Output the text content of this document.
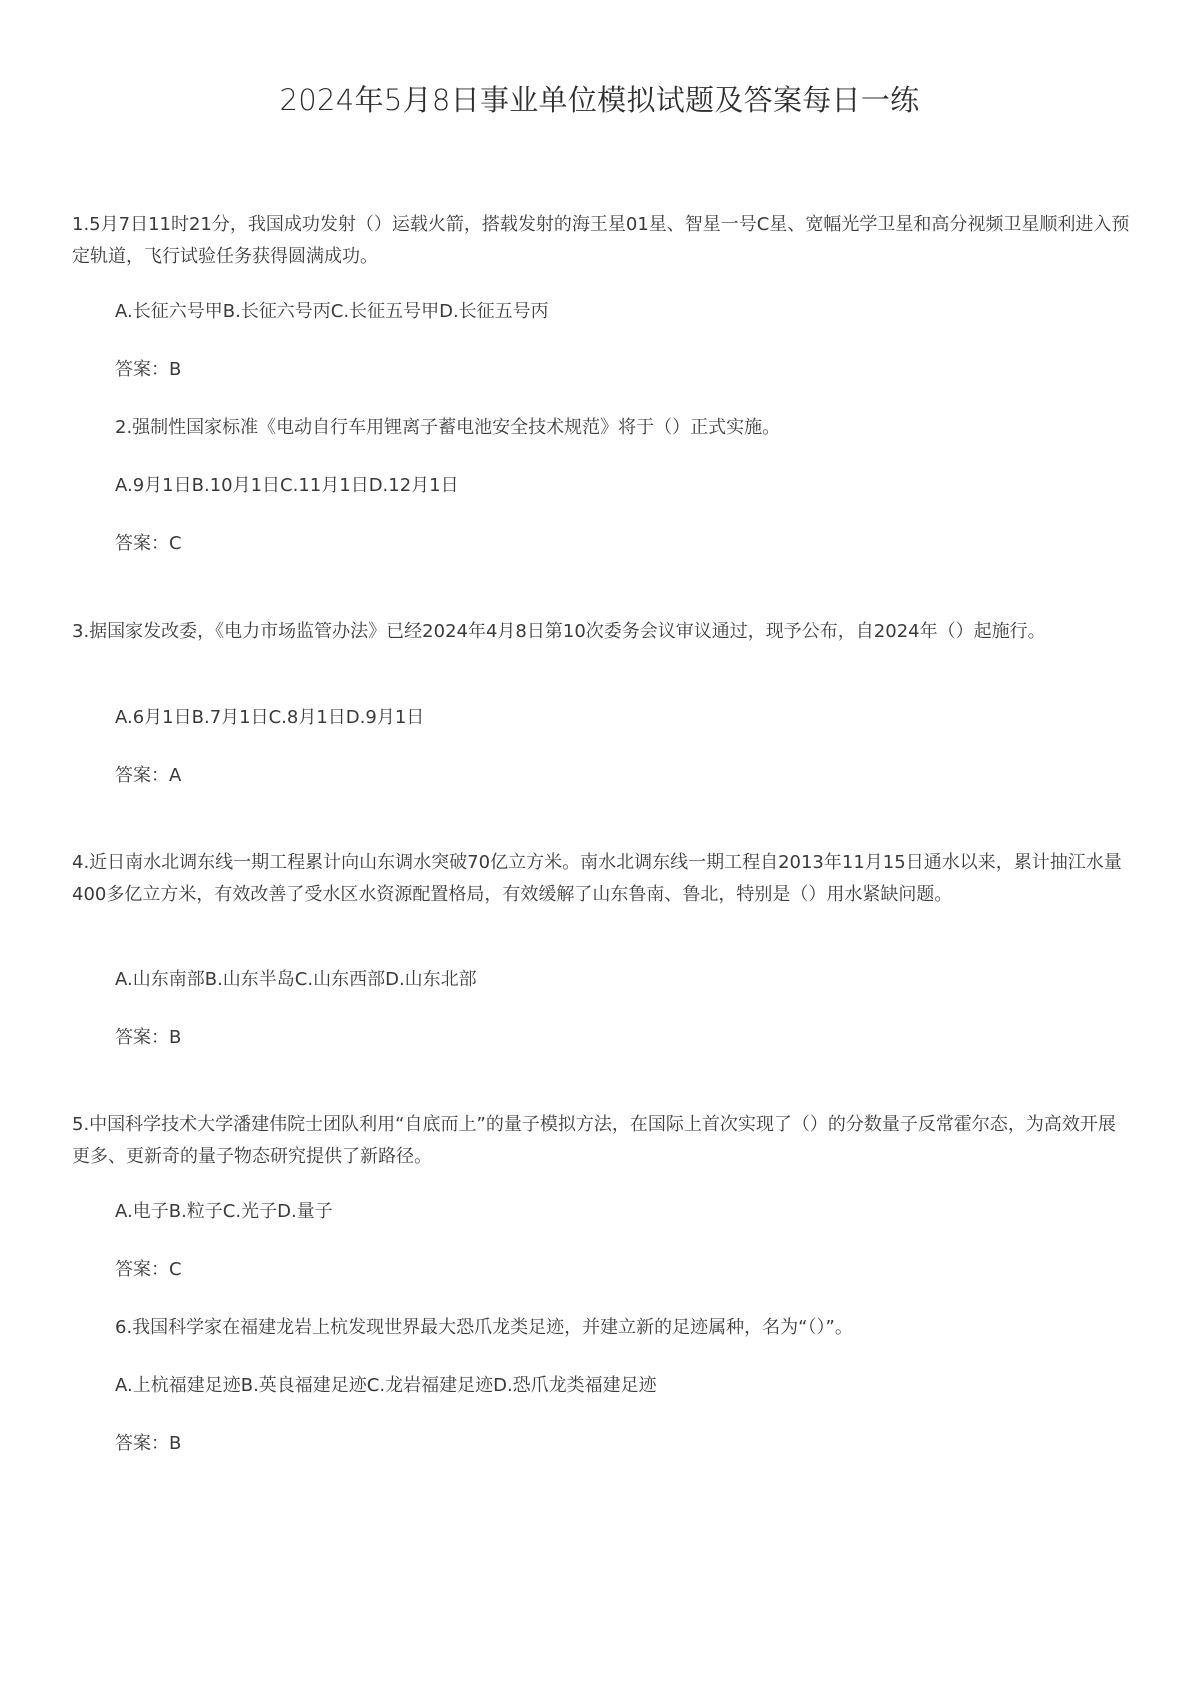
2024年5月8日事业单位模拟试题及答案每日一练

1.5月7日11时21分，我国成功发射（）运载火箭，搭载发射的海王星01星、智星一号C星、宽幅光学卫星和高分视频卫星顺利进入预定轨道，飞行试验任务获得圆满成功。

A.长征六号甲B.长征六号丙C.长征五号甲D.长征五号丙

答案：B

2.强制性国家标准《电动自行车用锂离子蓄电池安全技术规范》将于（）正式实施。

A.9月1日B.10月1日C.11月1日D.12月1日

答案：C

3.据国家发改委，《电力市场监管办法》已经2024年4月8日第10次委务会议审议通过，现予公布，自2024年（）起施行。

A.6月1日B.7月1日C.8月1日D.9月1日

答案：A

4.近日南水北调东线一期工程累计向山东调水突破70亿立方米。南水北调东线一期工程自2013年11月15日通水以来，累计抽江水量400多亿立方米，有效改善了受水区水资源配置格局，有效缓解了山东鲁南、鲁北，特别是（）用水紧缺问题。

A.山东南部B.山东半岛C.山东西部D.山东北部

答案：B

5.中国科学技术大学潘建伟院士团队利用“自底而上”的量子模拟方法，在国际上首次实现了（）的分数量子反常霍尔态，为高效开展更多、更新奇的量子物态研究提供了新路径。

A.电子B.粒子C.光子D.量子

答案：C

6.我国科学家在福建龙岩上杭发现世界最大恐爪龙类足迹，并建立新的足迹属种，名为“（）”。

A.上杭福建足迹B.英良福建足迹C.龙岩福建足迹D.恐爪龙类福建足迹

答案：B
